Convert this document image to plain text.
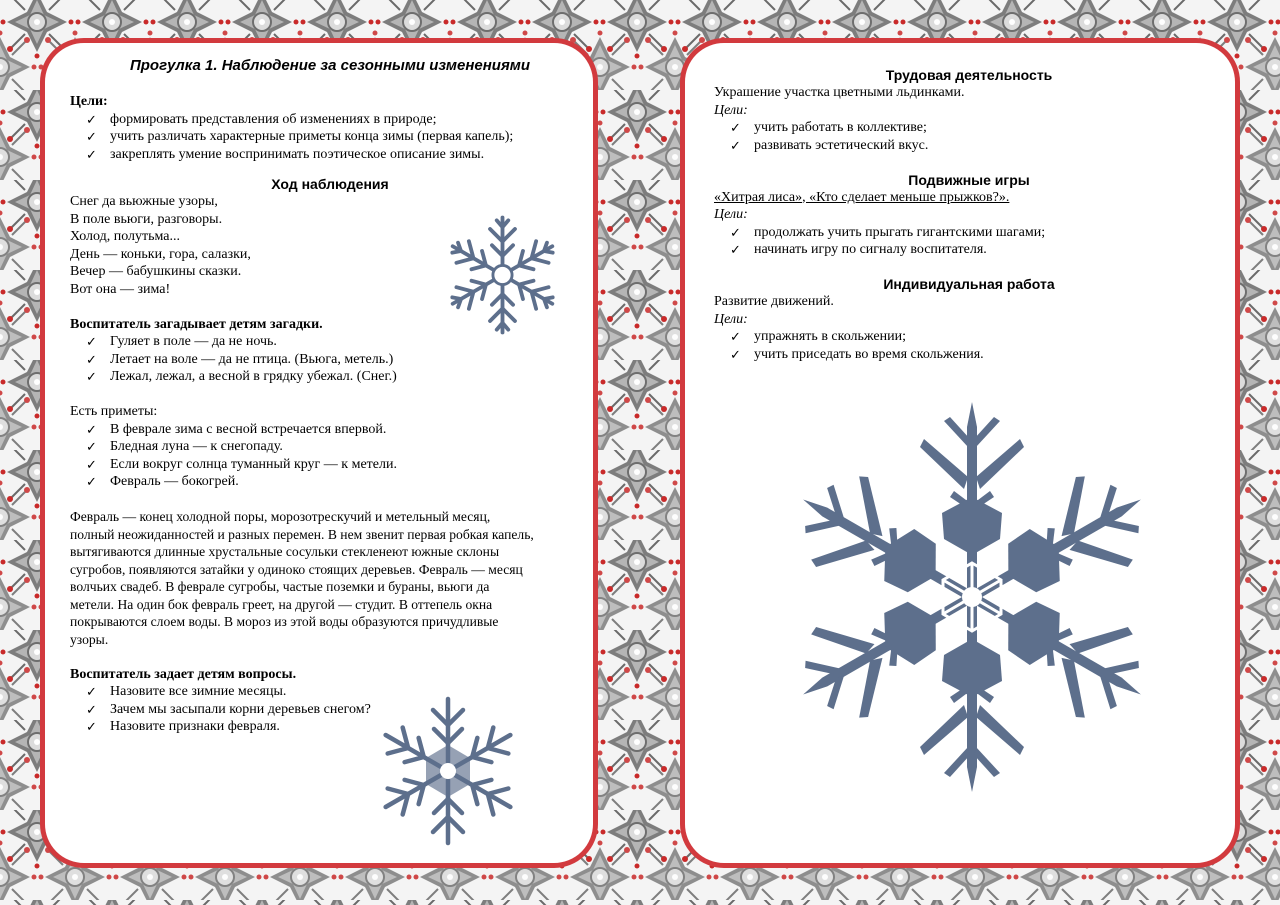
Прогулка 1. Наблюдение за сезонными изменениями
Цели:
✓ формировать представления об изменениях в природе;
✓ учить различать характерные приметы конца зимы (первая капель);
✓ закреплять умение воспринимать поэтическое описание зимы.
Ход наблюдения

Снег да вьюжные узоры,

В поле вьюги, разговоры.

Холод, полутьма...

День — коньки, гора, салазки,

Вечер — бабушкины сказки.

Вот она — зима!

Воспитатель загадывает детям загадки.
✓ Гуляет в поле — да не ночь.
✓ Летает на воле — да не птица. (Вьюга, метель.)
✓ Лежал, лежал, а весной в грядку убежал. (Снег.)
Есть приметы:
✓ В феврале зима с весной встречается впервой.
✓ Бледная луна — к снегопаду.
✓ Если вокруг солнца туманный круг — к метели.
✓ Февраль — бокогрей.

Февраль — конец холодной поры, морозотрескучий и метельный месяц,

полный неожиданностей и разных перемен. В нем звенит первая робкая капель,

вытягиваются длинные хрустальные сосульки стекленеют южные склоны

сугробов, появляются затайки у одиноко стоящих деревьев. Февраль — месяц

волчьих свадеб. В феврале сугробы, частые поземки и бураны, вьюги да

метели. На один бок февраль греет, на другой — студит. В оттепель окна

покрываются слоем воды. В мороз из этой воды образуются причудливые

узоры.

Воспитатель задает детям вопросы.
✓ Назовите все зимние месяцы.
✓ Зачем мы засыпали корни деревьев снегом?
✓ Назовите признаки февраля.
Трудовая деятельность

Украшение участка цветными льдинками.

Цели:

✓ учить работать в коллективе;
✓ развивать эстетический вкус.
Подвижные игры

«Хитрая лиса», «Кто сделает меньше прыжков?».

Цели:

✓ продолжать учить прыгать гигантскими шагами;
✓ начинать игру по сигналу воспитателя.
Индивидуальная работа

Развитие движений.

Цели:

✓ упражнять в скольжении;
✓ учить приседать во время скольжения.
